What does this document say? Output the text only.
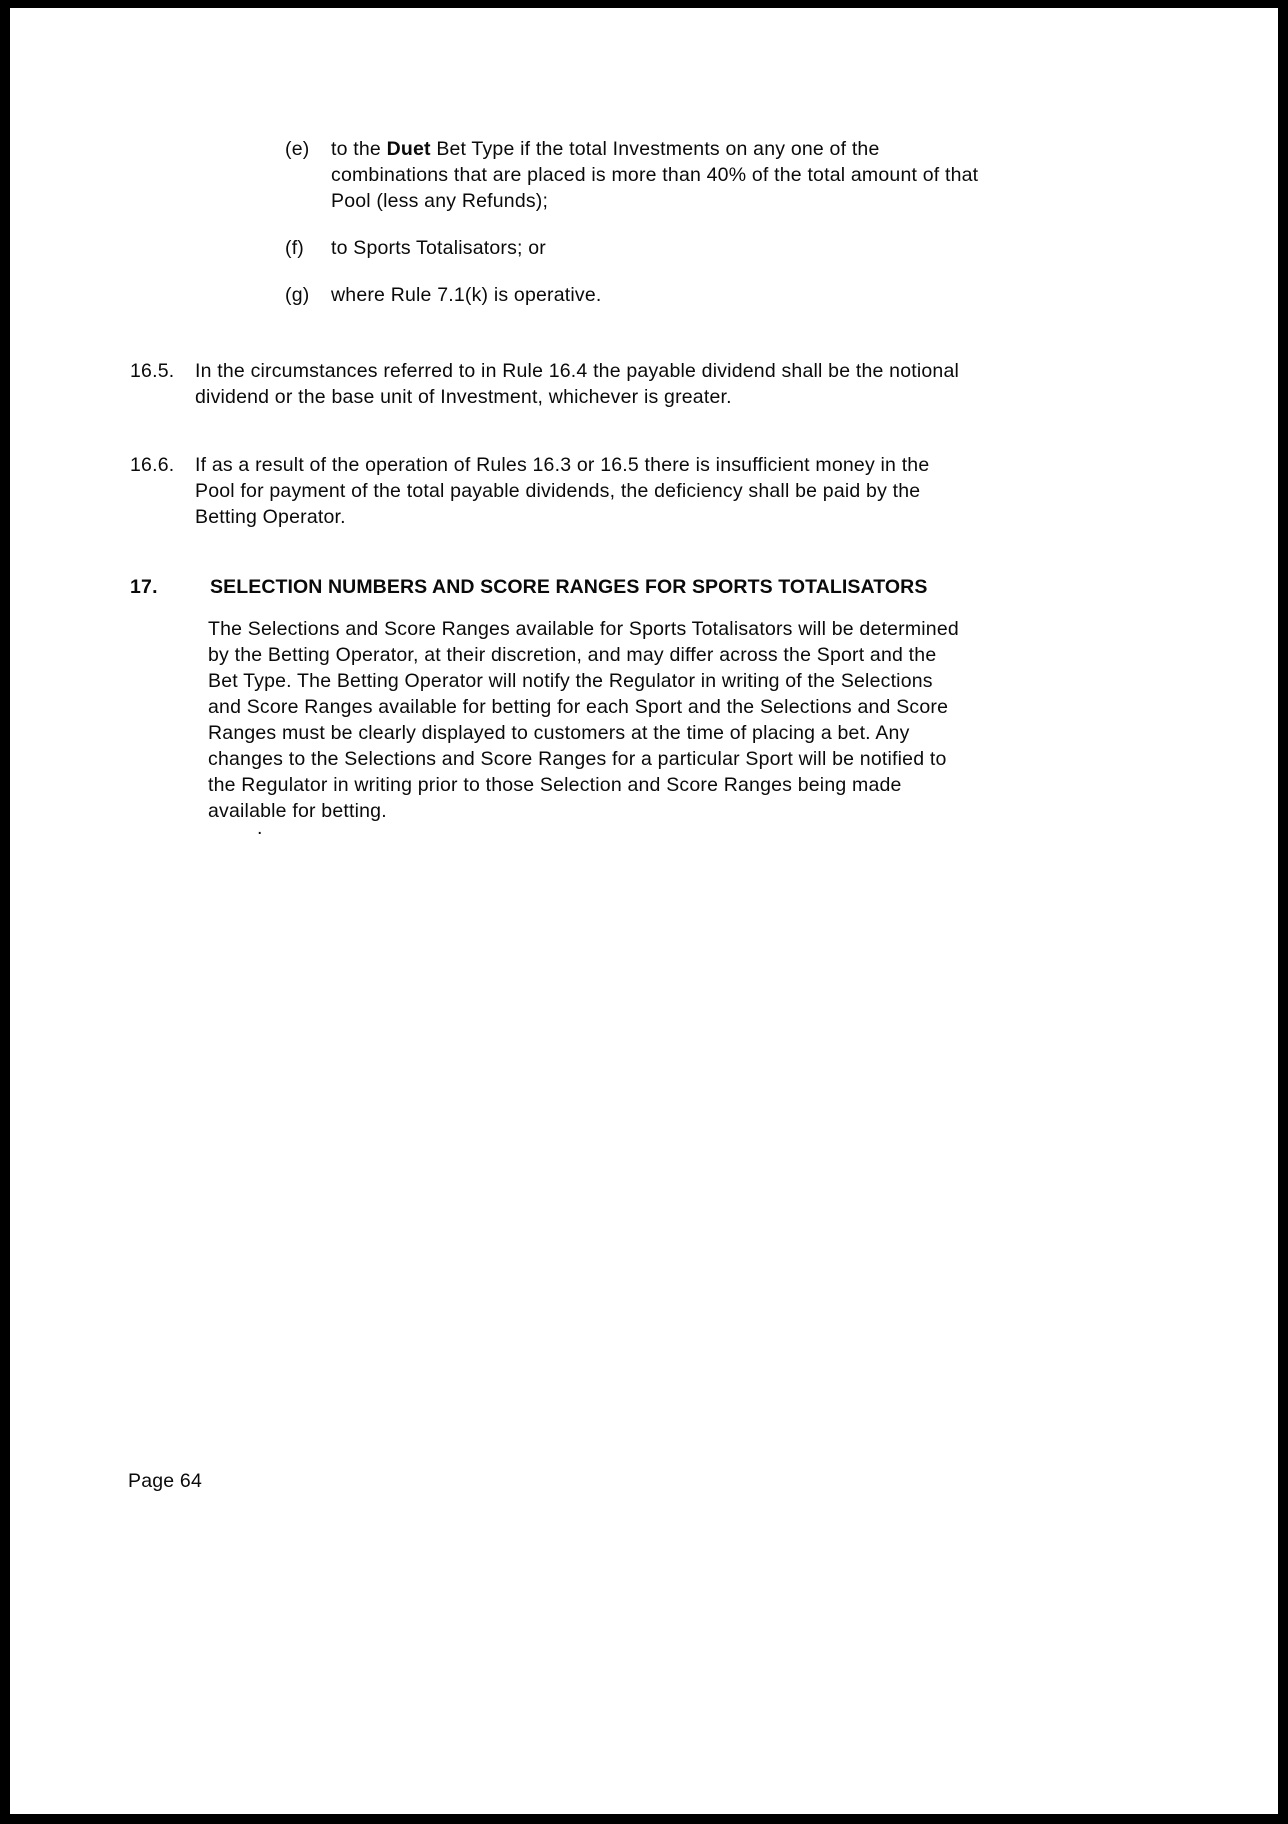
(e)	to the Duet Bet Type if the total Investments on any one of the combinations that are placed is more than 40% of the total amount of that Pool (less any Refunds);
(f)	to Sports Totalisators; or
(g)	where Rule 7.1(k) is operative.
16.5.	In the circumstances referred to in Rule 16.4 the payable dividend shall be the notional dividend or the base unit of Investment, whichever is greater.
16.6.	If as a result of the operation of Rules 16.3 or 16.5 there is insufficient money in the Pool for payment of the total payable dividends, the deficiency shall be paid by the Betting Operator.
17.	SELECTION NUMBERS AND SCORE RANGES FOR SPORTS TOTALISATORS
The Selections and Score Ranges available for Sports Totalisators will be determined by the Betting Operator, at their discretion, and may differ across the Sport and the Bet Type. The Betting Operator will notify the Regulator in writing of the Selections and Score Ranges available for betting for each Sport and the Selections and Score Ranges must be clearly displayed to customers at the time of placing a bet. Any changes to the Selections and Score Ranges for a particular Sport will be notified to the Regulator in writing prior to those Selection and Score Ranges being made available for betting.
.
Page 64
